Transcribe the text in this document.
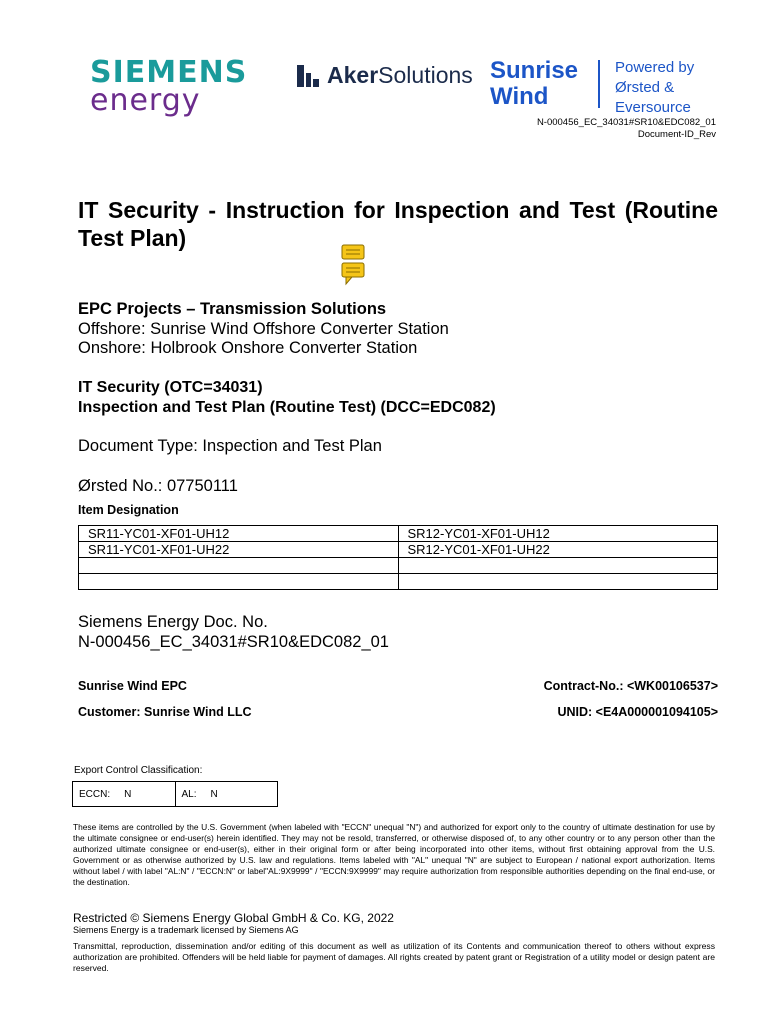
SIEMENS
energy
AkerSolutions Sunrise
Wind
Powered by
Ørsted &
Eversource
N-000456_EC_34031#SR10&EDC082_01
Document-ID_Rev
IT Security - Instruction for Inspection and Test (Routine Test Plan)
EPC Projects – Transmission Solutions
Offshore: Sunrise Wind Offshore Converter Station
Onshore: Holbrook Onshore Converter Station
IT Security (OTC=34031)
Inspection and Test Plan (Routine Test) (DCC=EDC082)
Document Type: Inspection and Test Plan
Ørsted No.: 07750111
Item Designation
SR11-YC01-XF01-UH12	SR12-YC01-XF01-UH12
SR11-YC01-XF01-UH22	SR12-YC01-XF01-UH22

Siemens Energy Doc. No.
N-000456_EC_34031#SR10&EDC082_01
Sunrise Wind EPC
Customer: Sunrise Wind LLC
Contract-No.: <WK00106537>
UNID: <E4A000001094105>
Export Control Classification:
ECCN: N	AL: N
These items are controlled by the U.S. Government (when labeled with "ECCN" unequal "N") and authorized for export only to the country of ultimate destination for use by the ultimate consignee or end-user(s) herein identified. They may not be resold, transferred, or otherwise disposed of, to any other country or to any person other than the authorized ultimate consignee or end-user(s), either in their original form or after being incorporated into other items, without first obtaining approval from the U.S. Government or as otherwise authorized by U.S. law and regulations. Items labeled with "AL" unequal "N" are subject to European / national export authorization. Items without label / with label "AL:N" / "ECCN:N" or label"AL:9X9999" / "ECCN:9X9999" may require authorization from responsible authorities depending on the final end-use, or the destination.
Restricted © Siemens Energy Global GmbH & Co. KG, 2022
Siemens Energy is a trademark licensed by Siemens AG
Transmittal, reproduction, dissemination and/or editing of this document as well as utilization of its Contents and communication thereof to others without express authorization are prohibited. Offenders will be held liable for payment of damages. All rights created by patent grant or Registration of a utility model or design patent are reserved.
